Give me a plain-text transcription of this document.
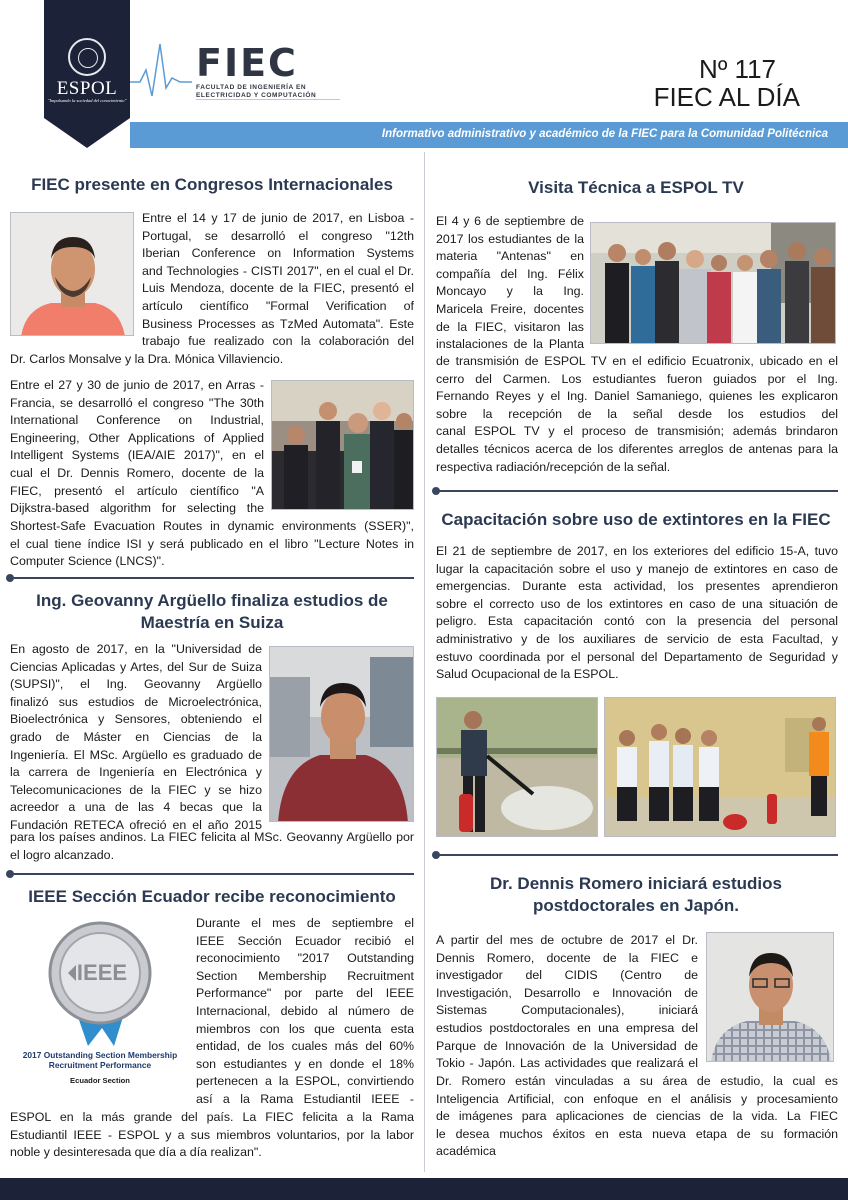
ESPOL
"Impulsando la sociedad del conocimiento"
FIEC
FACULTAD DE INGENIERÍA EN
ELECTRICIDAD Y COMPUTACIÓN
Nº 117
FIEC AL DÍA
Informativo administrativo y académico de la FIEC para la Comunidad Politécnica
FIEC presente en Congresos Internacionales
Entre el 14 y 17 de junio de 2017, en Lisboa -
Portugal, se desarrolló el congreso "12th
Iberian Conference on Information Systems
and Technologies - CISTI 2017", en el cual el Dr.
Luis Mendoza, docente de la FIEC, presentó el
artículo científico "Formal Verification of
Business Processes as TzMed Automata". Este
trabajo fue realizado con la colaboración del
Dr. Carlos Monsalve y la Dra. Mónica Villaviencio.
Entre el 27 y 30 de junio de 2017, en Arras -
Francia, se desarrolló el congreso "The 30th
International Conference on Industrial,
Engineering, Other Applications of Applied
Intelligent Systems (IEA/AIE 2017)", en el
cual el Dr. Dennis Romero, docente de la
FIEC, presentó el artículo científico "A
Dijkstra-based algorithm for selecting the
Shortest-Safe Evacuation Routes in dynamic environments (SSER)",
el cual tiene índice ISI y será publicado en el libro "Lecture Notes in
Computer Science (LNCS)".
Ing. Geovanny Argüello finaliza estudios de
Maestría en Suiza
En agosto de 2017, en la "Universidad de
Ciencias Aplicadas y Artes, del Sur de Suiza
(SUPSI)", el Ing. Geovanny Argüello
finalizó sus estudios de Microelectrónica,
Bioelectrónica y Sensores, obteniendo el
grado de Máster en Ciencias de la
Ingeniería. El MSc. Argüello es graduado de
la carrera de Ingeniería en Electrónica y
Telecomunicaciones de la FIEC y se hizo
acreedor a una de las 4 becas que la
Fundación RETECA ofreció en el año 2015
para los países andinos. La FIEC felicita al MSc. Geovanny Argüello por
el logro alcanzado.
IEEE Sección Ecuador recibe reconocimiento
IEEE
2017 Outstanding Section Membership
Recruitment Performance
Ecuador Section
Durante el mes de septiembre el
IEEE Sección Ecuador recibió el
reconocimiento "2017 Outstanding
Section Membership Recruitment
Performance" por parte del IEEE
Internacional, debido al número de
miembros con los que cuenta esta
entidad, de los cuales más del 60%
son estudiantes y en donde el 18%
pertenecen a la ESPOL, convirtiendo
así a la Rama Estudiantil IEEE -
ESPOL en la más grande del país. La FIEC felicita a la Rama
Estudiantil IEEE - ESPOL y a sus miembros voluntarios, por la labor
noble y desinteresada que día a día realizan".
Visita Técnica a ESPOL TV
El 4 y 6 de septiembre de
2017 los estudiantes de la
materia "Antenas" en
compañía del Ing. Félix
Moncayo y la Ing.
Maricela Freire, docentes
de la FIEC, visitaron las
instalaciones de la Planta
de transmisión de ESPOL TV en el edificio Ecuatronix, ubicado en el
cerro del Carmen. Los estudiantes fueron guiados por el Ing.
Fernando Reyes y el Ing. Daniel Samaniego, quienes les explicaron
sobre la recepción de la señal desde los estudios del
canal ESPOL TV y el proceso de transmisión; además brindaron
detalles técnicos acerca de los diferentes arreglos de antenas para la
respectiva radiación/recepción de la señal.
Capacitación sobre uso de extintores en la FIEC
El 21 de septiembre de 2017, en los exteriores del edificio 15-A, tuvo
lugar la capacitación sobre el uso y manejo de extintores en caso de
emergencias. Durante esta actividad, los presentes aprendieron
sobre el correcto uso de los extintores en caso de una situación de
peligro. Esta capacitación contó con la presencia del personal
administrativo y de los auxiliares de servicio de esta Facultad, y
estuvo coordinada por el personal del Departamento de Seguridad y
Salud Ocupacional de la ESPOL.
Dr. Dennis Romero iniciará estudios
postdoctorales en Japón.
A partir del mes de octubre de 2017 el Dr.
Dennis Romero, docente de la FIEC e
investigador del CIDIS (Centro de
Investigación, Desarrollo e Innovación de
Sistemas Computacionales), iniciará
estudios postdoctorales en una empresa del
Parque de Innovación de la Universidad de
Tokio - Japón. Las actividades que realizará el
Dr. Romero están vinculadas a su área de estudio, la cual es
Inteligencia Artificial, con enfoque en el análisis y procesamiento
de imágenes para aplicaciones de ciencias de la vida. La FIEC
le desea muchos éxitos en esta nueva etapa de su formación
académica
